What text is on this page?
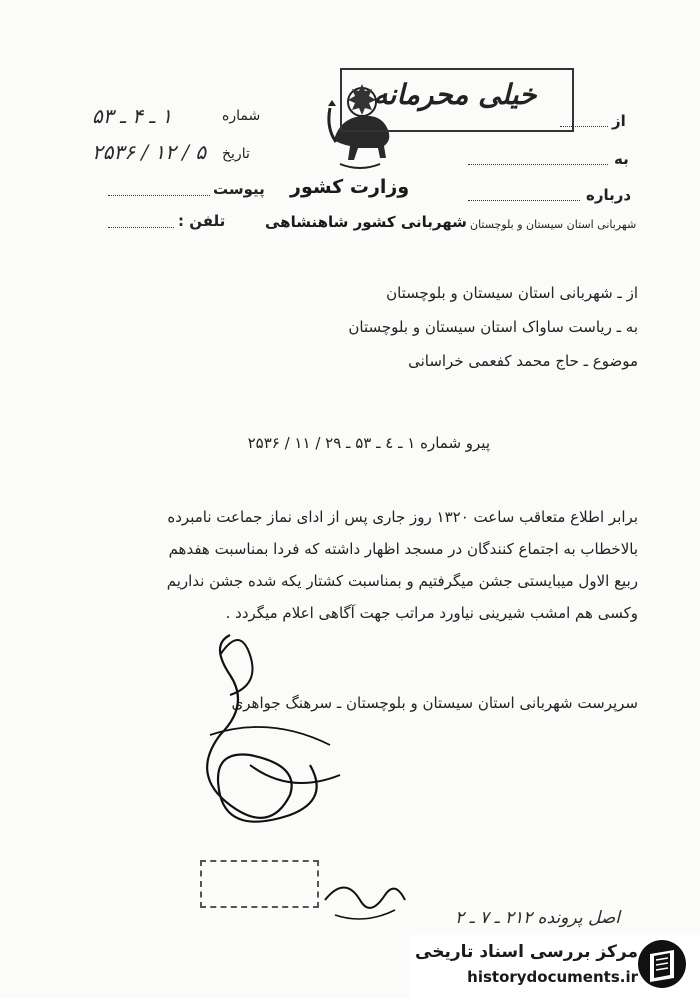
۱ ـ ۴ ـ ۵۳	شماره
۵ / ۱۲ / ۲۵۳۶ تاریخ
پیوست
تلفن :
خیلی محرمانه
وزارت کشور
شهربانی کشور شاهنشاهی
از
به
درباره
شهربانی استان سیستان و بلوچستان
از ـ شهربانی استان سیستان و بلوچستان
به ـ ریاست ساواک استان سیستان و بلوچستان
موضوع ـ حاج محمد کفعمی خراسانی
پیرو شماره ۱ ـ ٤ ـ ۵۳ ـ ۲۹ / ۱۱ / ۲۵۳۶
برابر اطلاع متعاقب ساعت ۱۳۲۰ روز جاری پس از ادای نماز جماعت نامبرده
بالاخطاب به اجتماع کنندگان در مسجد اظهار داشته که فردا بمناسبت هفدهم
ربیع الاول میبایستی جشن میگرفتیم و بمناسبت کشتار یکه شده جشن نداریم
وکسی هم امشب شیرینی نیاورد مراتب جهت آگاهی اعلام میگردد .
سرپرست شهربانی استان سیستان و بلوچستان ـ سرهنگ جواهری
اصل پرونده ۲۱۲ ـ ۷ ـ ۲
مرکز بررسی اسناد تاریخی
historydocuments.ir
